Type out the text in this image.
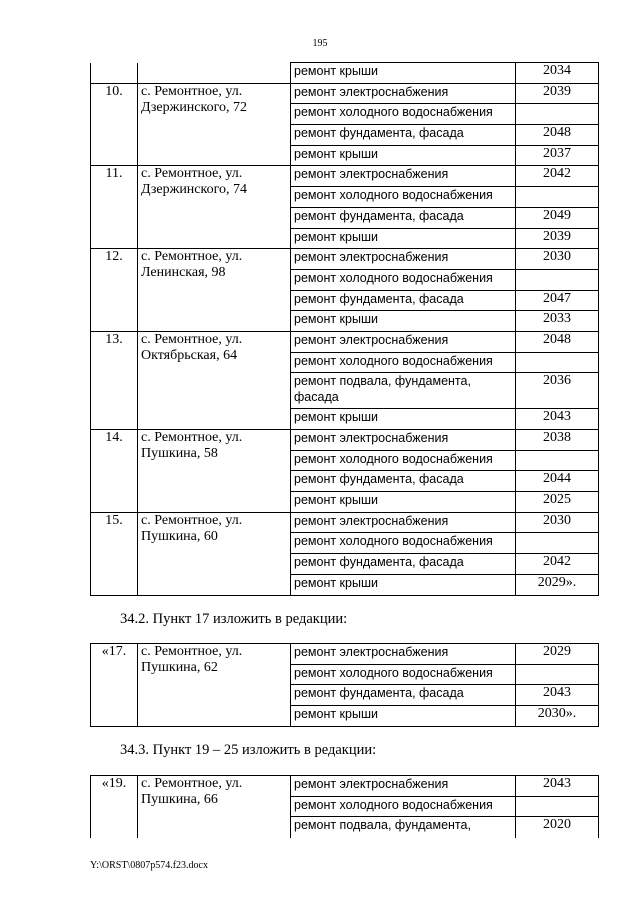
195
		ремонт крыши	2034
10.	с. Ремонтное, ул. Дзержинского, 72	ремонт электроснабжения	2039
		ремонт холодного водоснабжения	
		ремонт фундамента, фасада	2048
		ремонт крыши	2037
11.	с. Ремонтное, ул. Дзержинского, 74	ремонт электроснабжения	2042
		ремонт холодного водоснабжения	
		ремонт фундамента, фасада	2049
		ремонт крыши	2039
12.	с. Ремонтное, ул. Ленинская, 98	ремонт электроснабжения	2030
		ремонт холодного водоснабжения	
		ремонт фундамента, фасада	2047
		ремонт крыши	2033
13.	с. Ремонтное, ул. Октябрьская, 64	ремонт электроснабжения	2048
		ремонт холодного водоснабжения	
		ремонт подвала, фундамента, фасада	2036
		ремонт крыши	2043
14.	с. Ремонтное, ул. Пушкина, 58	ремонт электроснабжения	2038
		ремонт холодного водоснабжения	
		ремонт фундамента, фасада	2044
		ремонт крыши	2025
15.	с. Ремонтное, ул. Пушкина, 60	ремонт электроснабжения	2030
		ремонт холодного водоснабжения	
		ремонт фундамента, фасада	2042
		ремонт крыши	2029».
34.2. Пункт 17 изложить в редакции:
«17.	с. Ремонтное, ул. Пушкина, 62	ремонт электроснабжения	2029
		ремонт холодного водоснабжения	
		ремонт фундамента, фасада	2043
		ремонт крыши	2030».
34.3. Пункт 19 – 25 изложить в редакции:
«19.	с. Ремонтное, ул. Пушкина, 66	ремонт электроснабжения	2043
		ремонт холодного водоснабжения	
		ремонт подвала, фундамента,	2020
Y:\ORST\0807p574.f23.docx
